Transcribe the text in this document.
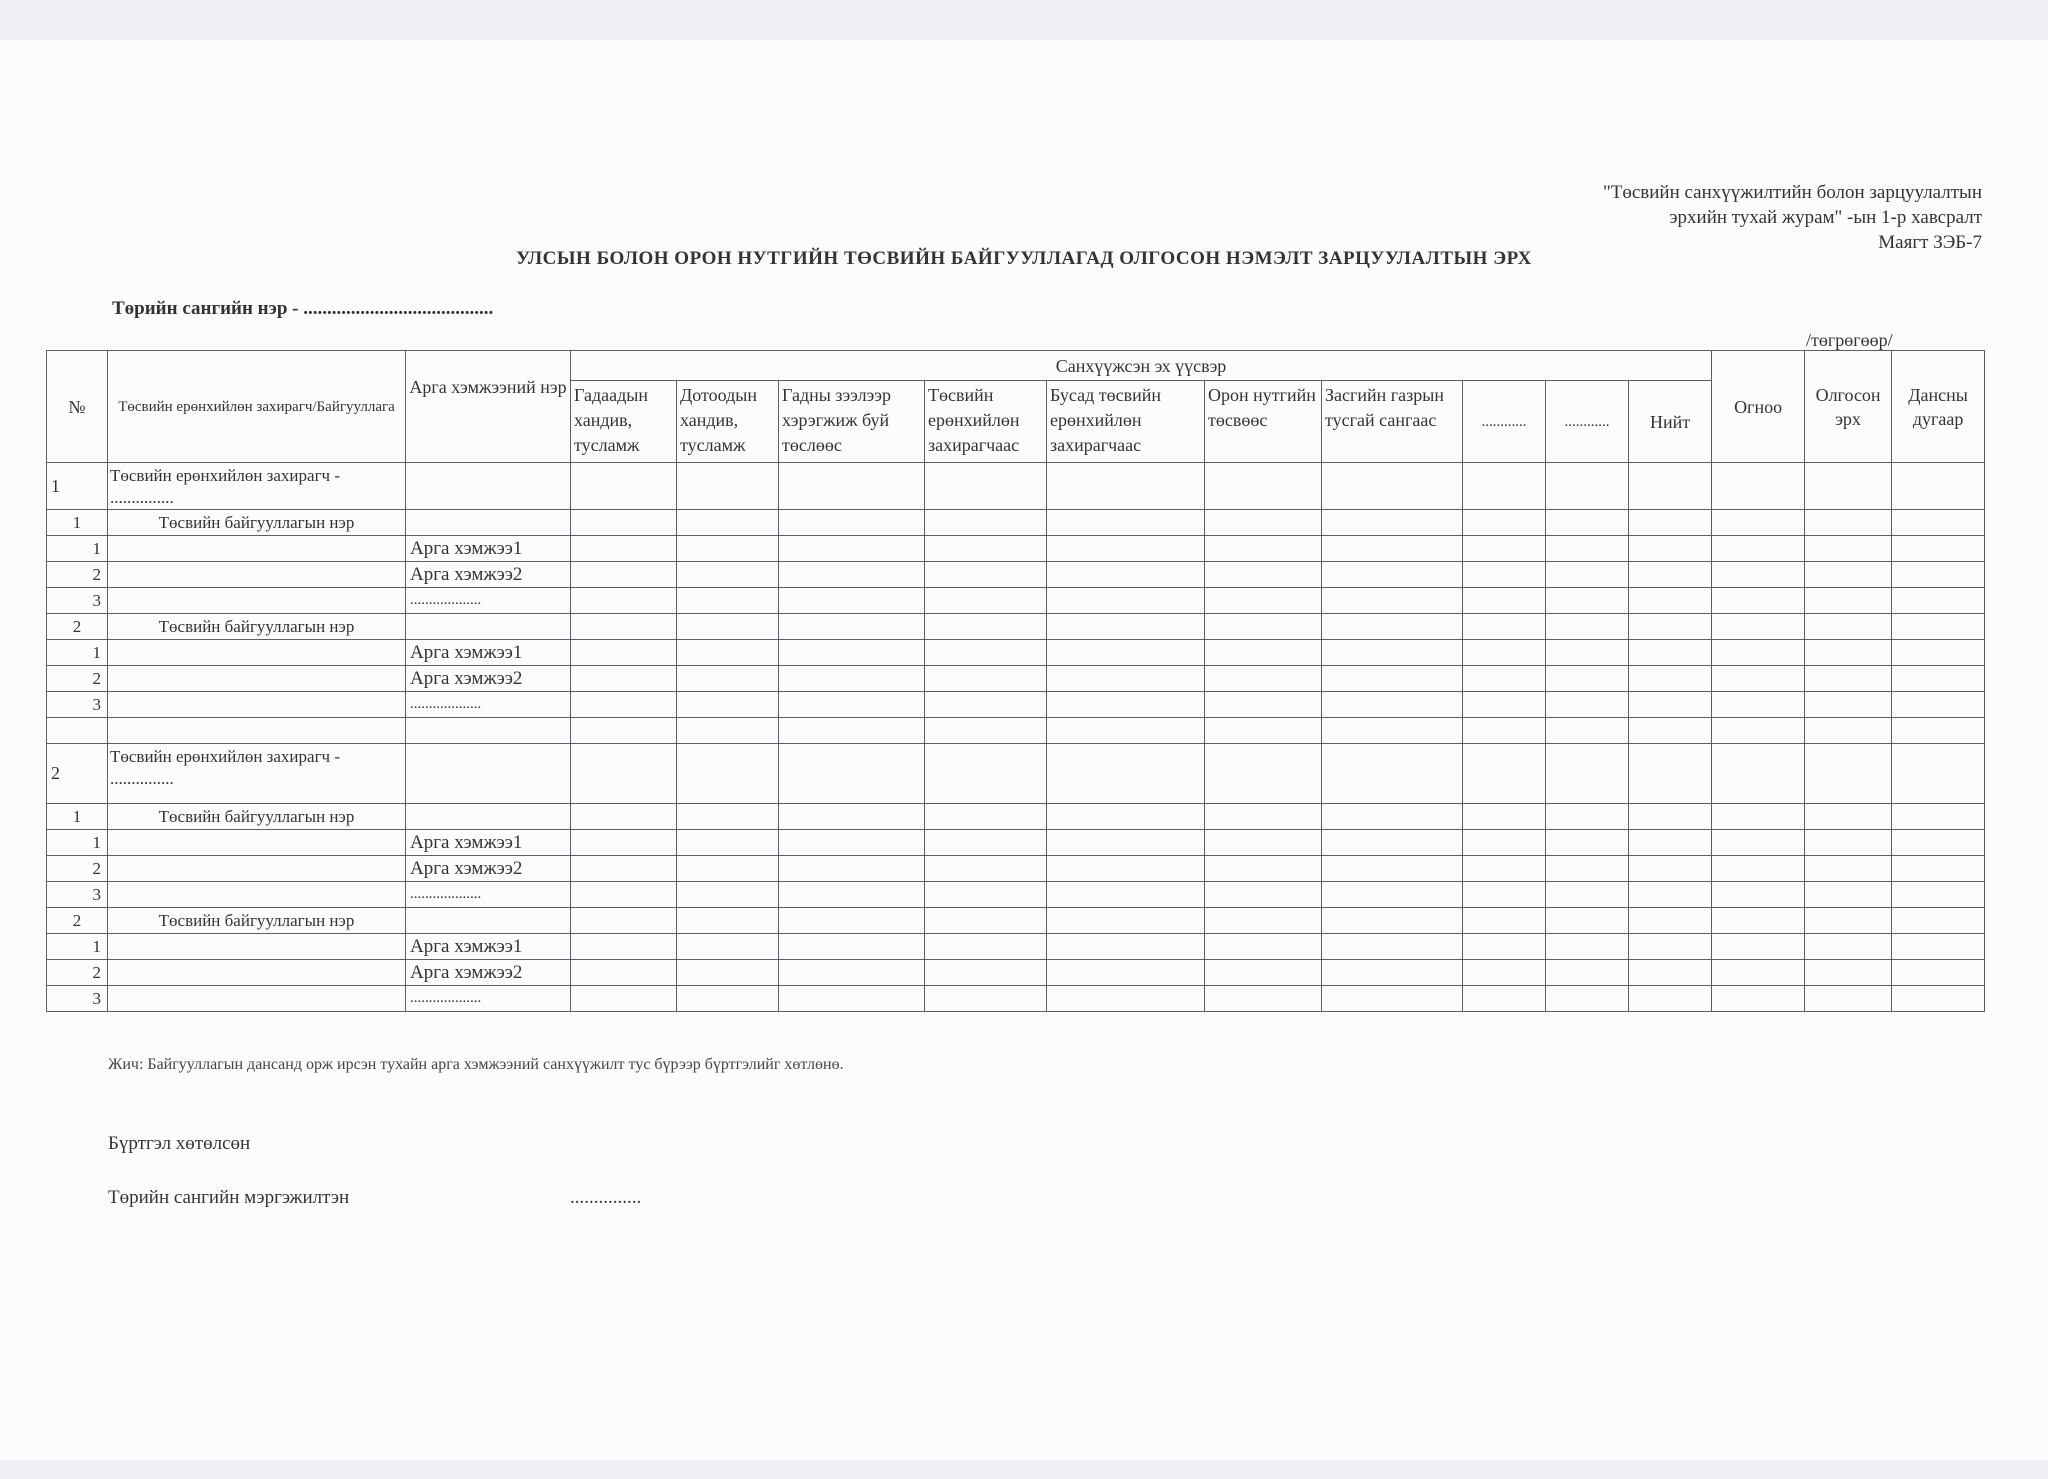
"Төсвийн санхүүжилтийн болон зарцуулалтын
эрхийн тухай журам" -ын 1-р хавсралт
Маягт ЗЭБ-7
УЛСЫН БОЛОН ОРОН НУТГИЙН ТӨСВИЙН БАЙГУУЛЛАГАД ОЛГОСОН НЭМЭЛТ ЗАРЦУУЛАЛТЫН ЭРХ
Төрийн сангийн нэр - ........................................
/төгрөгөөр/
№	Төсвийн ерөнхийлөн захирагч/Байгууллага	Арга хэмжээний нэр	Санхүүжсэн эх үүсвэр										Огноо	Олгосон эрх	Дансны дугаар
			Гадаадын хандив, тусламж	Дотоодын хандив, тусламж	Гадны зээлээр хэрэгжиж буй төслөөс	Төсвийн ерөнхийлөн захирагчаас	Бусад төсвийн ерөнхийлөн захирагчаас	Орон нутгийн төсвөөс	Засгийн газрын тусгай сангаас	............	............	Нийт			
1	Төсвийн ерөнхийлөн захирагч - ...............														
1	Төсвийн байгууллагын нэр														
1		Арга хэмжээ1													
2		Арга хэмжээ2													
3		...................													
2	Төсвийн байгууллагын нэр														
1		Арга хэмжээ1													
2		Арга хэмжээ2													
3		...................													

2	Төсвийн ерөнхийлөн захирагч - ...............														
1	Төсвийн байгууллагын нэр														
1		Арга хэмжээ1													
2		Арга хэмжээ2													
3		...................													
2	Төсвийн байгууллагын нэр														
1		Арга хэмжээ1													
2		Арга хэмжээ2													
3		...................													
Жич: Байгууллагын дансанд орж ирсэн тухайн арга хэмжээний санхүүжилт тус бүрээр бүртгэлийг хөтлөнө.
Бүртгэл хөтөлсөн
Төрийн сангийн мэргэжилтэн	...............
